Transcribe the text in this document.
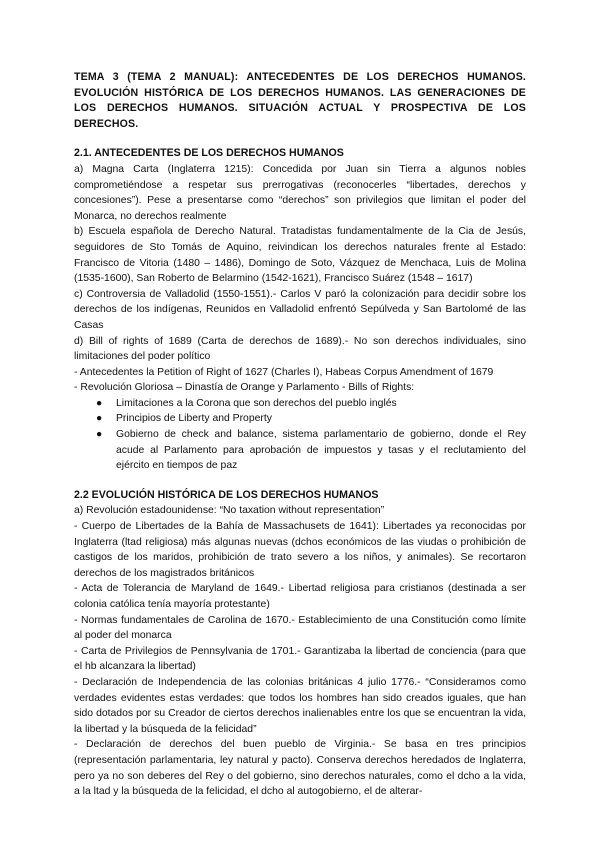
TEMA 3 (TEMA 2 MANUAL): ANTECEDENTES DE LOS DERECHOS HUMANOS. EVOLUCIÓN HISTÓRICA DE LOS DERECHOS HUMANOS. LAS GENERACIONES DE LOS DERECHOS HUMANOS. SITUACIÓN ACTUAL Y PROSPECTIVA DE LOS DERECHOS.
2.1. ANTECEDENTES DE LOS DERECHOS HUMANOS

a) Magna Carta (Inglaterra 1215): Concedida por Juan sin Tierra a algunos nobles comprometiéndose a respetar sus prerrogativas (reconocerles “libertades, derechos y concesiones”). Pese a presentarse como “derechos” son privilegios que limitan el poder del Monarca, no derechos realmente

b) Escuela española de Derecho Natural. Tratadistas fundamentalmente de la Cia de Jesús, seguidores de Sto Tomás de Aquino, reivindican los derechos naturales frente al Estado: Francisco de Vitoria (1480 – 1486), Domingo de Soto, Vázquez de Menchaca, Luis de Molina (1535-1600), San Roberto de Belarmino (1542-1621), Francisco Suárez (1548 – 1617)

c) Controversia de Valladolid (1550-1551).- Carlos V paró la colonización para decidir sobre los derechos de los indígenas, Reunidos en Valladolid enfrentó Sepúlveda y San Bartolomé de las Casas

d) Bill of rights of 1689 (Carta de derechos de 1689).- No son derechos individuales, sino limitaciones del poder político

- Antecedentes la Petition of Right of 1627 (Charles I), Habeas Corpus Amendment of 1679

- Revolución Gloriosa – Dinastía de Orange y Parlamento - Bills of Rights:

● Limitaciones a la Corona que son derechos del pueblo inglés
● Principios de Liberty and Property
● Gobierno de check and balance, sistema parlamentario de gobierno, donde el Rey acude al Parlamento para aprobación de impuestos y tasas y el reclutamiento del ejército en tiempos de paz
2.2 EVOLUCIÓN HISTÓRICA DE LOS DERECHOS HUMANOS

a) Revolución estadounidense: “No taxation without representation”

- Cuerpo de Libertades de la Bahía de Massachusets de 1641): Libertades ya reconocidas por Inglaterra (ltad religiosa) más algunas nuevas (dchos económicos de las viudas o prohibición de castigos de los maridos, prohibición de trato severo a los niños, y animales). Se recortaron derechos de los magistrados británicos

- Acta de Tolerancia de Maryland de 1649.- Libertad religiosa para cristianos (destinada a ser colonia católica tenía mayoría protestante)

- Normas fundamentales de Carolina de 1670.- Establecimiento de una Constitución como límite al poder del monarca

- Carta de Privilegios de Pennsylvania de 1701.- Garantizaba la libertad de conciencia (para que el hb alcanzara la libertad)

- Declaración de Independencia de las colonias británicas 4 julio 1776.- “Consideramos como verdades evidentes estas verdades: que todos los hombres han sido creados iguales, que han sido dotados por su Creador de ciertos derechos inalienables entre los que se encuentran la vida, la libertad y la búsqueda de la felicidad”

- Declaración de derechos del buen pueblo de Virginia.- Se basa en tres principios (representación parlamentaria, ley natural y pacto). Conserva derechos heredados de Inglaterra, pero ya no son deberes del Rey o del gobierno, sino derechos naturales, como el dcho a la vida, a la ltad y la búsqueda de la felicidad, el dcho al autogobierno, el de alterar-
